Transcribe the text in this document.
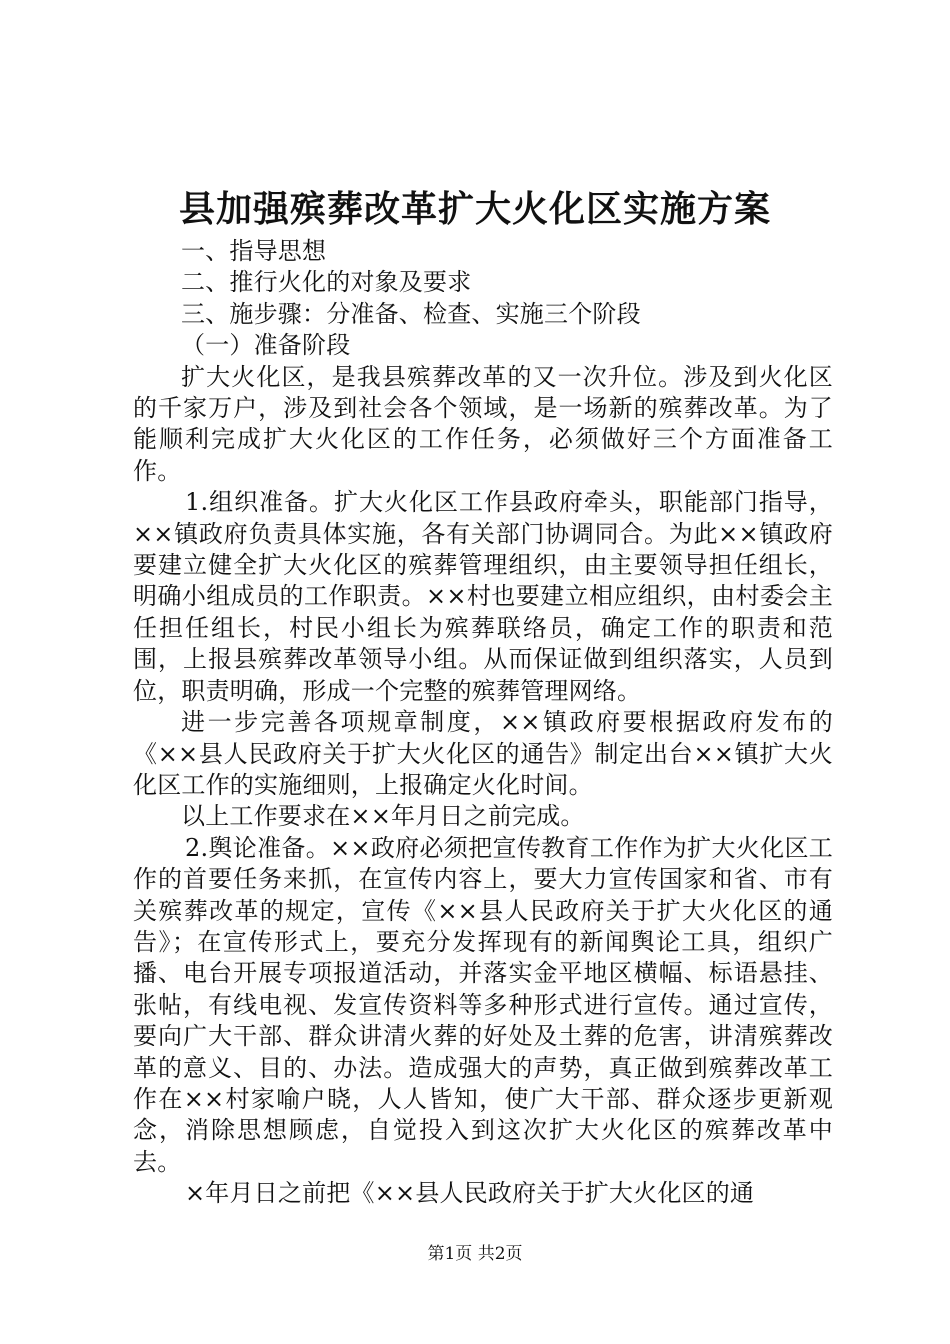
县加强殡葬改革扩大火化区实施方案

一、指导思想

二、推行火化的对象及要求

三、施步骤：分准备、检查、实施三个阶段

（一）准备阶段

扩大火化区，是我县殡葬改革的又一次升位。涉及到火化区的千家万户，涉及到社会各个领域，是一场新的殡葬改革。为了能顺利完成扩大火化区的工作任务，必须做好三个方面准备工作。

1.组织准备。扩大火化区工作县政府牵头，职能部门指导，××镇政府负责具体实施，各有关部门协调同合。为此××镇政府要建立健全扩大火化区的殡葬管理组织，由主要领导担任组长，明确小组成员的工作职责。××村也要建立相应组织，由村委会主任担任组长，村民小组长为殡葬联络员，确定工作的职责和范围，上报县殡葬改革领导小组。从而保证做到组织落实，人员到位，职责明确，形成一个完整的殡葬管理网络。

进一步完善各项规章制度，××镇政府要根据政府发布的《××县人民政府关于扩大火化区的通告》制定出台××镇扩大火化区工作的实施细则，上报确定火化时间。

以上工作要求在××年月日之前完成。

2.舆论准备。××政府必须把宣传教育工作作为扩大火化区工作的首要任务来抓，在宣传内容上，要大力宣传国家和省、市有关殡葬改革的规定，宣传《××县人民政府关于扩大火化区的通告》；在宣传形式上，要充分发挥现有的新闻舆论工具，组织广播、电台开展专项报道活动，并落实金平地区横幅、标语悬挂、张帖，有线电视、发宣传资料等多种形式进行宣传。通过宣传，要向广大干部、群众讲清火葬的好处及土葬的危害，讲清殡葬改革的意义、目的、办法。造成强大的声势，真正做到殡葬改革工作在××村家喻户晓，人人皆知，使广大干部、群众逐步更新观念，消除思想顾虑，自觉投入到这次扩大火化区的殡葬改革中去。

×年月日之前把《××县人民政府关于扩大火化区的通

第1页 共2页
